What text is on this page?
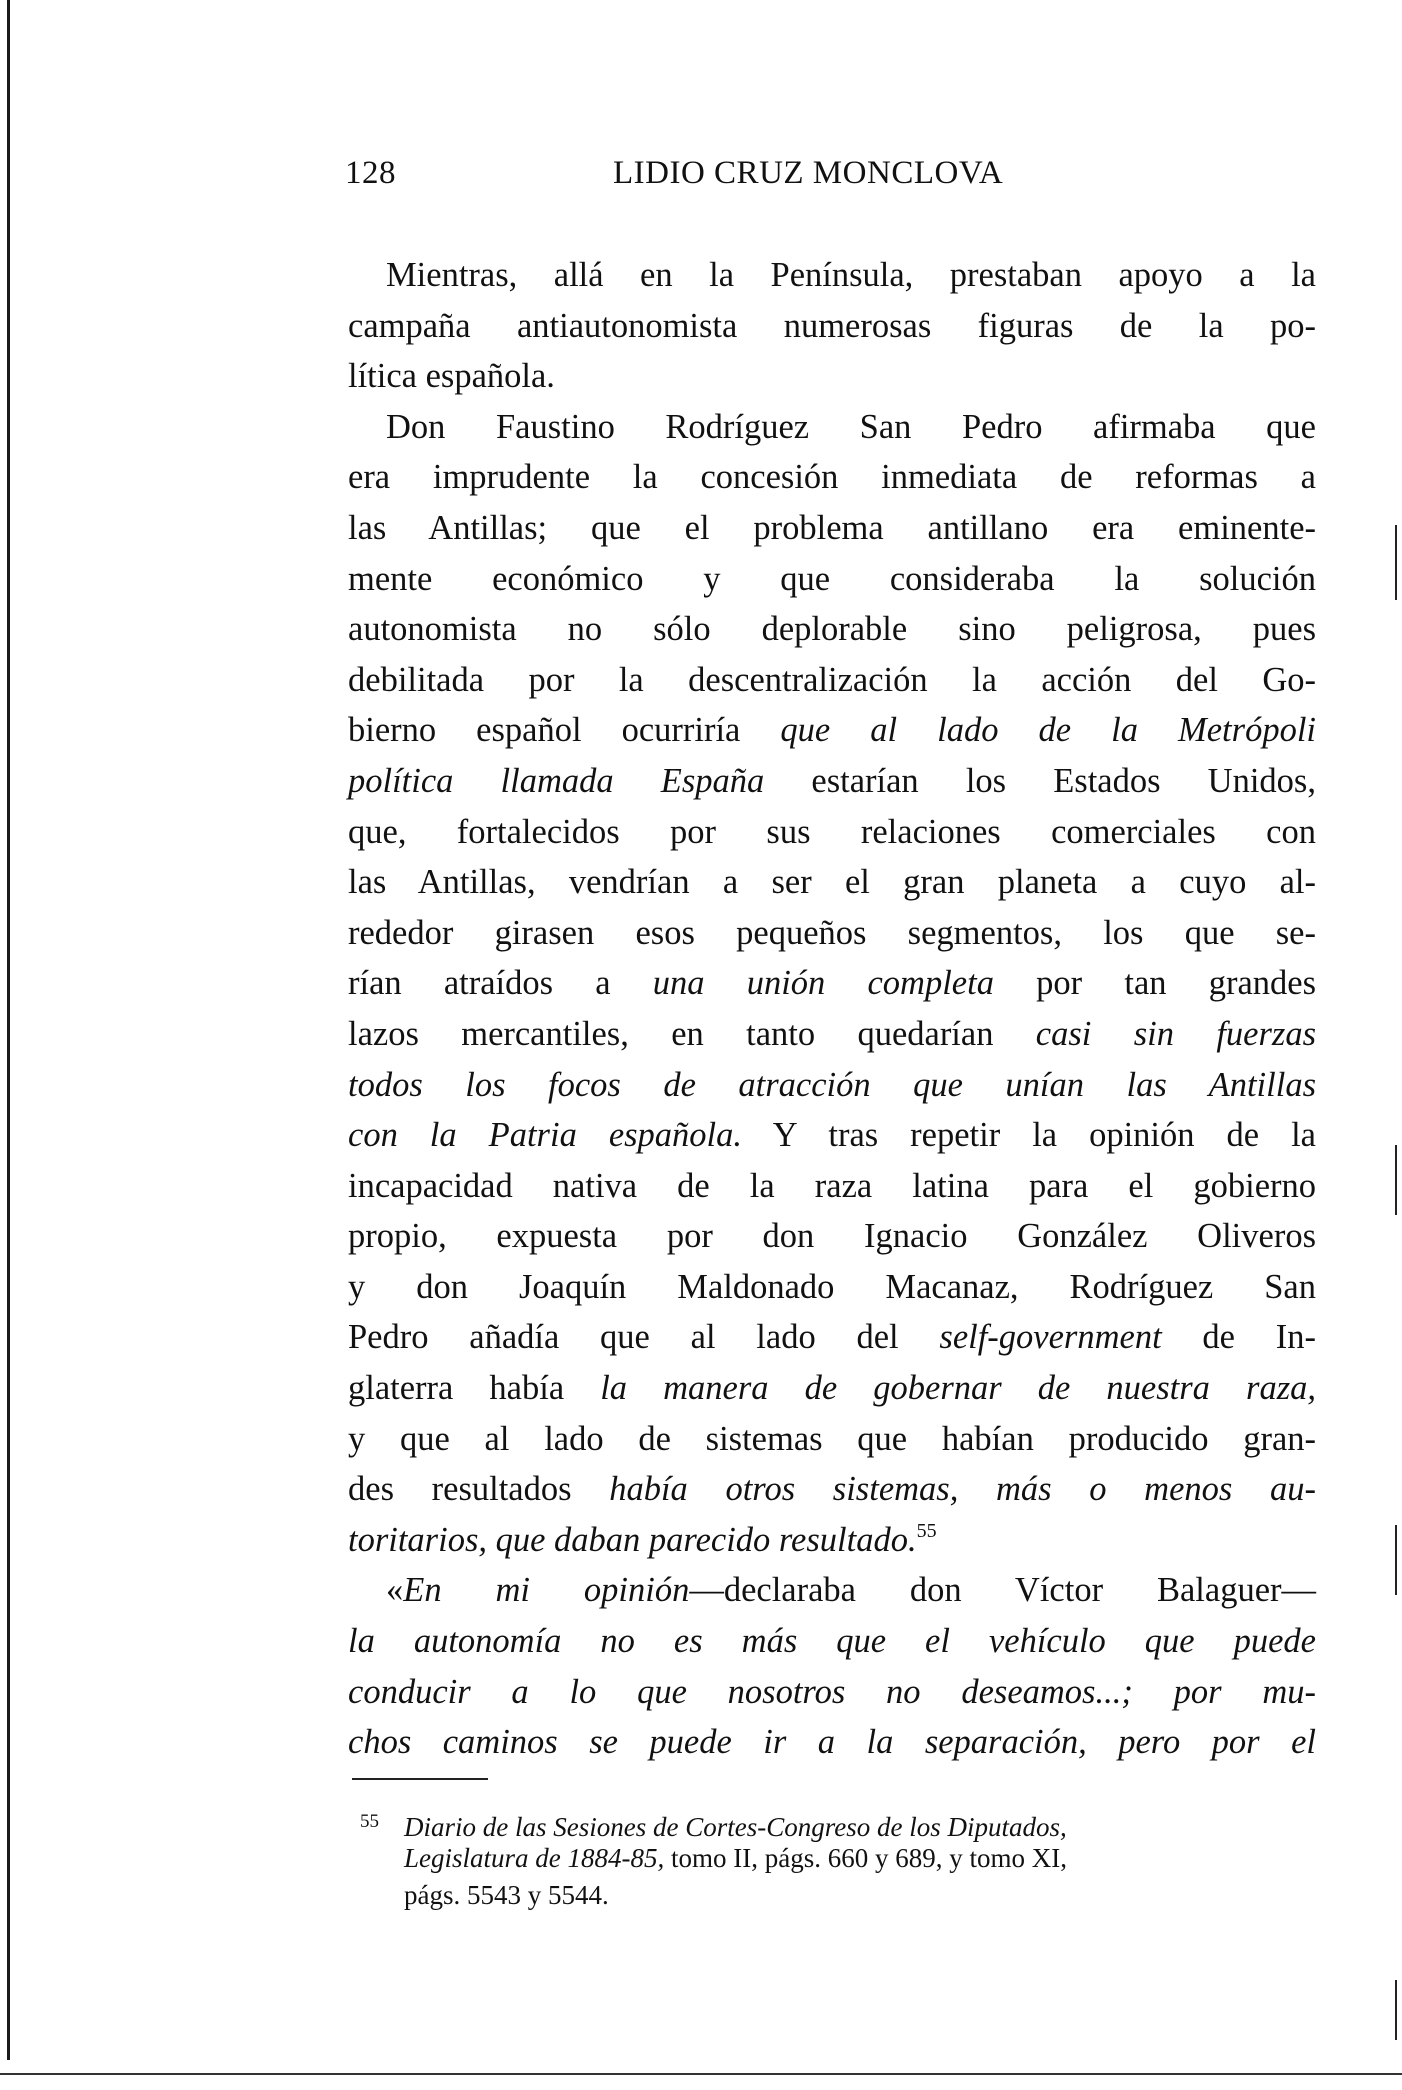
128	LIDIO CRUZ MONCLOVA
Mientras, allá en la Península, prestaban apoyo a la
campaña antiautonomista numerosas figuras de la po-
lítica española.
Don Faustino Rodríguez San Pedro afirmaba que
era imprudente la concesión inmediata de reformas a
las Antillas; que el problema antillano era eminente-
mente económico y que consideraba la solución
autonomista no sólo deplorable sino peligrosa, pues
debilitada por la descentralización la acción del Go-
bierno español ocurriría que al lado de la Metrópoli
política llamada España estarían los Estados Unidos,
que, fortalecidos por sus relaciones comerciales con
las Antillas, vendrían a ser el gran planeta a cuyo al-
rededor girasen esos pequeños segmentos, los que se-
rían atraídos a una unión completa por tan grandes
lazos mercantiles, en tanto quedarían casi sin fuerzas
todos los focos de atracción que unían las Antillas
con la Patria española. Y tras repetir la opinión de la
incapacidad nativa de la raza latina para el gobierno
propio, expuesta por don Ignacio González Oliveros
y don Joaquín Maldonado Macanaz, Rodríguez San
Pedro añadía que al lado del self-government de In-
glaterra había la manera de gobernar de nuestra raza,
y que al lado de sistemas que habían producido gran-
des resultados había otros sistemas, más o menos au-
toritarios, que daban parecido resultado.$^{55}$
«En mi opinión—declaraba don Víctor Balaguer—
la autonomía no es más que el vehículo que puede
conducir a lo que nosotros no deseamos...; por mu-
chos caminos se puede ir a la separación, pero por el
55 Diario de las Sesiones de Cortes-Congreso de los Diputados,
Legislatura de 1884-85, tomo II, págs. 660 y 689, y tomo XI,
págs. 5543 y 5544.
